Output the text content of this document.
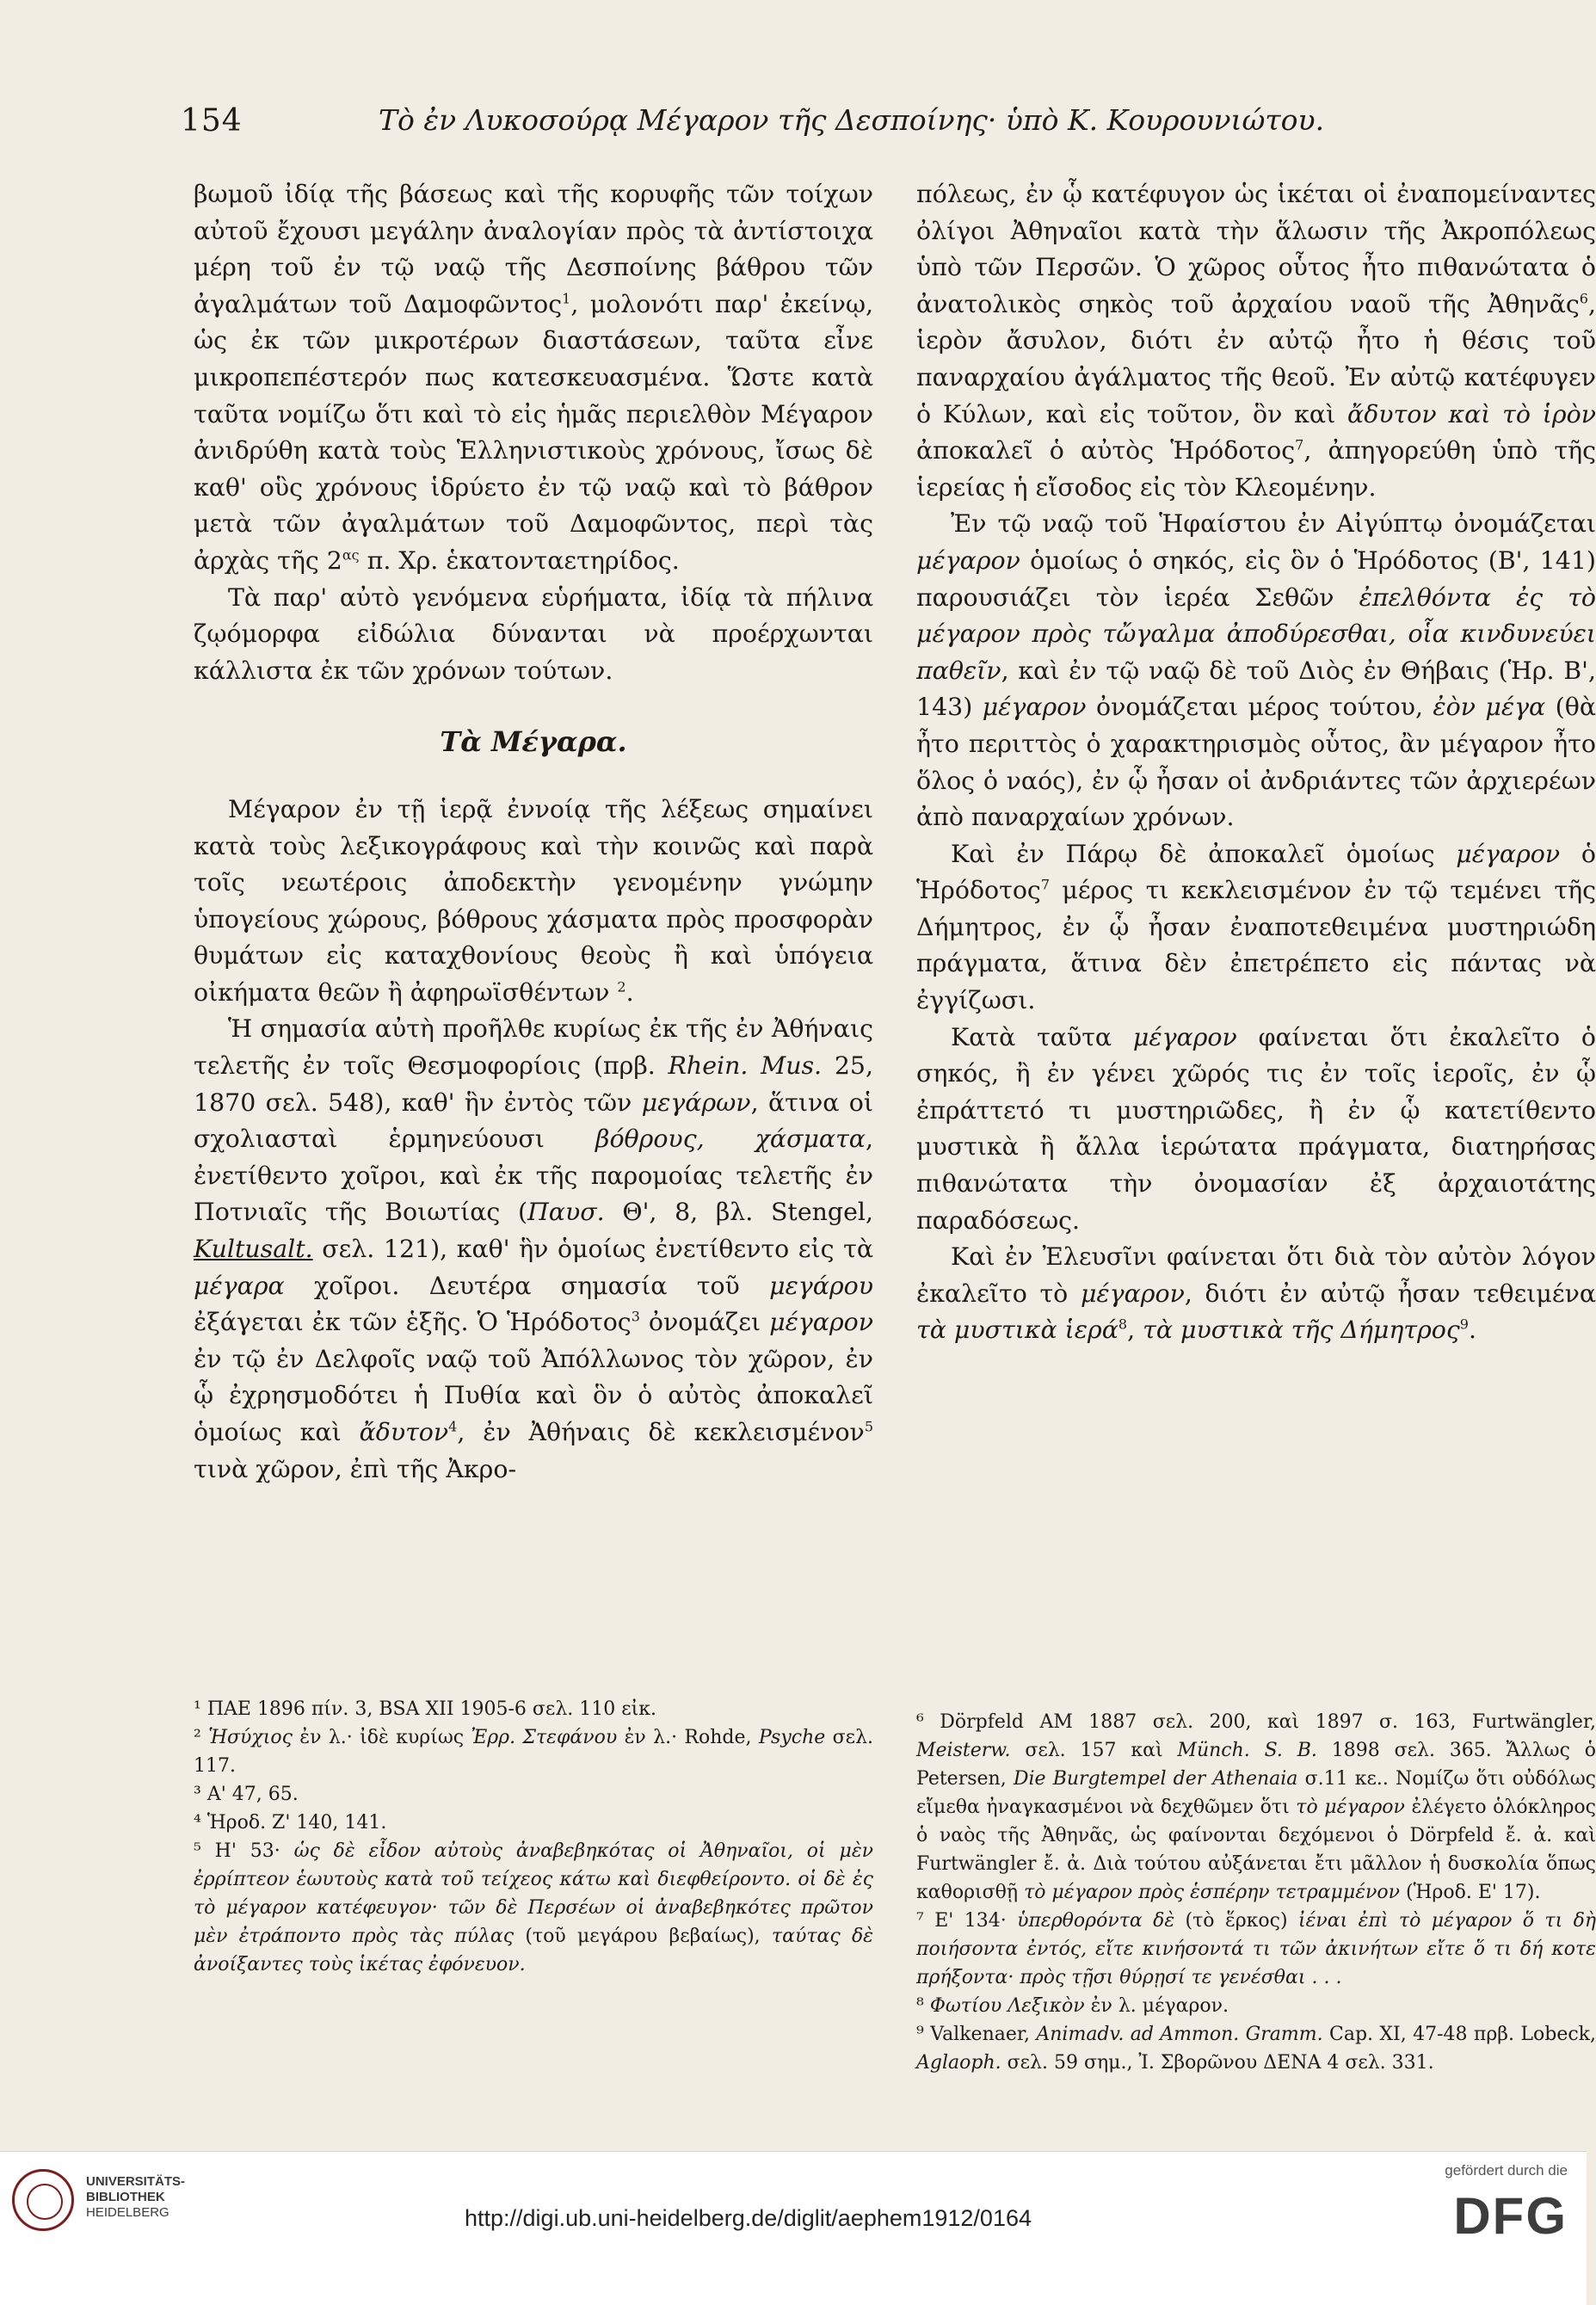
154	Τὸ ἐν Λυκοσούρᾳ Μέγαρον τῆς Δεσποίνης· ὑπὸ Κ. Κουρουνιώτου.

βωμοῦ ἰδίᾳ τῆς βάσεως καὶ τῆς κορυφῆς τῶν τοίχων αὐτοῦ ἔχουσι μεγάλην ἀναλογίαν πρὸς τὰ ἀντίστοιχα μέρη τοῦ ἐν τῷ ναῷ τῆς Δεσποίνης βάθρου τῶν ἀγαλμάτων τοῦ Δαμοφῶντος$^1$, μολονότι παρ' ἐκείνῳ, ὡς ἐκ τῶν μικροτέρων διαστάσεων, ταῦτα εἶνε μικροπεπέστερόν πως κατεσκευασμένα. Ὥστε κατὰ ταῦτα νομίζω ὅτι καὶ τὸ εἰς ἡμᾶς περιελθὸν Μέγαρον ἀνιδρύθη κατὰ τοὺς Ἑλληνιστικοὺς χρόνους, ἴσως δὲ καθ' οὓς χρόνους ἱδρύετο ἐν τῷ ναῷ καὶ τὸ βάθρον μετὰ τῶν ἀγαλμάτων τοῦ Δαμοφῶντος, περὶ τὰς ἀρχὰς τῆς $2^{\alpha\varsigma}$ π. Χρ. ἑκατονταετηρίδος.

Τὰ παρ' αὐτὸ γενόμενα εὑρήματα, ἰδίᾳ τὰ πήλινα ζῳόμορφα εἰδώλια δύνανται νὰ προέρχωνται κάλλιστα ἐκ τῶν χρόνων τούτων.

Τὰ Μέγαρα.

Μέγαρον ἐν τῇ ἱερᾷ ἐννοίᾳ τῆς λέξεως σημαίνει κατὰ τοὺς λεξικογράφους καὶ τὴν κοινῶς καὶ παρὰ τοῖς νεωτέροις ἀποδεκτὴν γενομένην γνώμην ὑπογείους χώρους, βόθρους χάσματα πρὸς προσφορὰν θυμάτων εἰς καταχθονίους θεοὺς ἢ καὶ ὑπόγεια οἰκήματα θεῶν ἢ ἀφηρωϊσθέντων $^2$.

Ἡ σημασία αὐτὴ προῆλθε κυρίως ἐκ τῆς ἐν Ἀθήναις τελετῆς ἐν τοῖς Θεσμοφορίοις (πρβ. Rhein. Mus. 25, 1870 σελ. 548), καθ' ἣν ἐντὸς τῶν μεγάρων, ἅτινα οἱ σχολιασταὶ ἑρμηνεύουσι βόθρους, χάσματα, ἐνετίθεντο χοῖροι, καὶ ἐκ τῆς παρομοίας τελετῆς ἐν Ποτνιαῖς τῆς Βοιωτίας (Παυσ. Θ', 8, βλ. Stengel, Kultusalt. σελ. 121), καθ' ἣν ὁμοίως ἐνετίθεντο εἰς τὰ μέγαρα χοῖροι. Δευτέρα σημασία τοῦ μεγάρου ἐξάγεται ἐκ τῶν ἑξῆς. Ὁ Ἡρόδοτος$^3$ ὀνομάζει μέγαρον ἐν τῷ ἐν Δελφοῖς ναῷ τοῦ Ἀπόλλωνος τὸν χῶρον, ἐν ᾧ ἐχρησμοδότει ἡ Πυθία καὶ ὃν ὁ αὐτὸς ἀποκαλεῖ ὁμοίως καὶ ἄδυτον$^4$, ἐν Ἀθήναις δὲ κεκλεισμένον$^5$ τινὰ χῶρον, ἐπὶ τῆς Ἀκρο-

πόλεως, ἐν ᾧ κατέφυγον ὡς ἱκέται οἱ ἐναπομείναντες ὀλίγοι Ἀθηναῖοι κατὰ τὴν ἅλωσιν τῆς Ἀκροπόλεως ὑπὸ τῶν Περσῶν. Ὁ χῶρος οὗτος ἦτο πιθανώτατα ὁ ἀνατολικὸς σηκὸς τοῦ ἀρχαίου ναοῦ τῆς Ἀθηνᾶς$^6$, ἱερὸν ἄσυλον, διότι ἐν αὐτῷ ἦτο ἡ θέσις τοῦ παναρχαίου ἀγάλματος τῆς θεοῦ. Ἐν αὐτῷ κατέφυγεν ὁ Κύλων, καὶ εἰς τοῦτον, ὃν καὶ ἄδυτον καὶ τὸ ἱρὸν ἀποκαλεῖ ὁ αὐτὸς Ἡρόδοτος$^7$, ἀπηγορεύθη ὑπὸ τῆς ἱερείας ἡ εἴσοδος εἰς τὸν Κλεομένην.

Ἐν τῷ ναῷ τοῦ Ἡφαίστου ἐν Αἰγύπτῳ ὀνομάζεται μέγαρον ὁμοίως ὁ σηκός, εἰς ὃν ὁ Ἡρόδοτος (Β', 141) παρουσιάζει τὸν ἱερέα Σεθῶν ἐπελθόντα ἐς τὸ μέγαρον πρὸς τὤγαλμα ἀποδύρεσθαι, οἷα κινδυνεύει παθεῖν, καὶ ἐν τῷ ναῷ δὲ τοῦ Διὸς ἐν Θήβαις (Ἡρ. Β', 143) μέγαρον ὀνομάζεται μέρος τούτου, ἐὸν μέγα (θὰ ἦτο περιττὸς ὁ χαρακτηρισμὸς οὗτος, ἂν μέγαρον ἦτο ὅλος ὁ ναός), ἐν ᾧ ἦσαν οἱ ἀνδριάντες τῶν ἀρχιερέων ἀπὸ παναρχαίων χρόνων.

Καὶ ἐν Πάρῳ δὲ ἀποκαλεῖ ὁμοίως μέγαρον ὁ Ἡρόδοτος$^7$ μέρος τι κεκλεισμένον ἐν τῷ τεμένει τῆς Δήμητρος, ἐν ᾧ ἦσαν ἐναποτεθειμένα μυστηριώδη πράγματα, ἅτινα δὲν ἐπετρέπετο εἰς πάντας νὰ ἐγγίζωσι.

Κατὰ ταῦτα μέγαρον φαίνεται ὅτι ἐκαλεῖτο ὁ σηκός, ἢ ἐν γένει χῶρός τις ἐν τοῖς ἱεροῖς, ἐν ᾧ ἐπράττετό τι μυστηριῶδες, ἢ ἐν ᾧ κατετίθεντο μυστικὰ ἢ ἄλλα ἱερώτατα πράγματα, διατηρήσας πιθανώτατα τὴν ὀνομασίαν ἐξ ἀρχαιοτάτης παραδόσεως.

Καὶ ἐν Ἐλευσῖνι φαίνεται ὅτι διὰ τὸν αὐτὸν λόγον ἐκαλεῖτο τὸ μέγαρον, διότι ἐν αὐτῷ ἦσαν τεθειμένα τὰ μυστικὰ ἱερά$^8$, τὰ μυστικὰ τῆς Δήμητρος$^9$.

¹ ΠΑΕ 1896 πίν. 3, BSA XII 1905-6 σελ. 110 εἰκ.

² Ἡσύχιος ἐν λ.· ἰδὲ κυρίως Ἐρρ. Στεφάνου ἐν λ.· Rohde, Psyche σελ. 117.

³ Α' 47, 65.

⁴ Ἡροδ. Ζ' 140, 141.

⁵ Η' 53· ὡς δὲ εἶδον αὐτοὺς ἀναβεβηκότας οἱ Ἀθηναῖοι, οἱ μὲν ἐρρίπτεον ἑωυτοὺς κατὰ τοῦ τείχεος κάτω καὶ διεφθείροντο. οἱ δὲ ἐς τὸ μέγαρον κατέφευγον· τῶν δὲ Περσέων οἱ ἀναβεβηκότες πρῶτον μὲν ἐτράποντο πρὸς τὰς πύλας (τοῦ μεγάρου βεβαίως), ταύτας δὲ ἀνοίξαντες τοὺς ἱκέτας ἐφόνευον.

⁶ Dörpfeld AM 1887 σελ. 200, καὶ 1897 σ. 163, Furtwängler, Meisterw. σελ. 157 καὶ Münch. S. B. 1898 σελ. 365. Ἄλλως ὁ Petersen, Die Burgtempel der Athenaia σ.11 κε.. Νομίζω ὅτι οὐδόλως εἴμεθα ἠναγκασμένοι νὰ δεχθῶμεν ὅτι τὸ μέγαρον ἐλέγετο ὁλόκληρος ὁ ναὸς τῆς Ἀθηνᾶς, ὡς φαίνονται δεχόμενοι ὁ Dörpfeld ἔ. ἀ. καὶ Furtwängler ἔ. ἀ. Διὰ τούτου αὐξάνεται ἔτι μᾶλλον ἡ δυσκολία ὅπως καθορισθῇ τὸ μέγαρον πρὸς ἑσπέρην τετραμμένον (Ἡροδ. Ε' 17).

⁷ Ε' 134· ὑπερθορόντα δὲ (τὸ ἕρκος) ἰέναι ἐπὶ τὸ μέγαρον ὅ τι δὴ ποιήσοντα ἐντός, εἴτε κινήσοντά τι τῶν ἀκινήτων εἴτε ὅ τι δή κοτε πρήξοντα· πρὸς τῇσι θύρῃσί τε γενέσθαι . . .

⁸ Φωτίου Λεξικὸν ἐν λ. μέγαρον.

⁹ Valkenaer, Animadv. ad Ammon. Gramm. Cap. XI, 47-48 πρβ. Lobeck, Aglaoph. σελ. 59 σημ., Ἰ. Σβορῶνου ΔΕΝΑ 4 σελ. 331.

UNIVERSITÄTS-
BIBLIOTHEK
HEIDELBERG	http://digi.ub.uni-heidelberg.de/diglit/aephem1912/0164
gefördert durch die
DFG
